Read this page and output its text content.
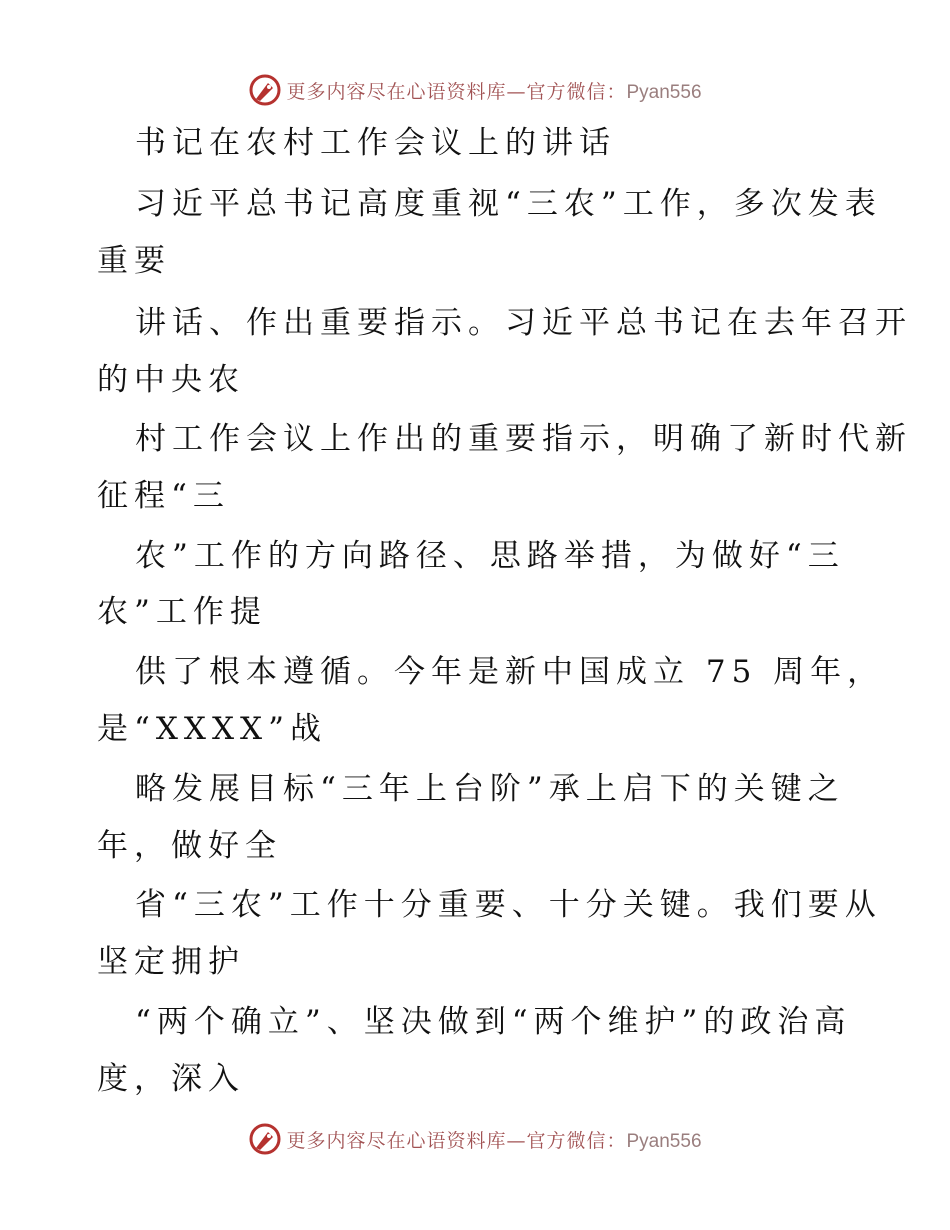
更多内容尽在心语资料库—官方微信：Pyan556
书记在农村工作会议上的讲话
习近平总书记高度重视“三农”工作，多次发表
重要
讲话、作出重要指示。习近平总书记在去年召开
的中央农
村工作会议上作出的重要指示，明确了新时代新
征程“三
农”工作的方向路径、思路举措，为做好“三
农”工作提
供了根本遵循。今年是新中国成立 75 周年，
是“XXXX”战
略发展目标“三年上台阶”承上启下的关键之
年，做好全
省“三农”工作十分重要、十分关键。我们要从
坚定拥护
“两个确立”、坚决做到“两个维护”的政治高
度，深入
更多内容尽在心语资料库—官方微信：Pyan556
